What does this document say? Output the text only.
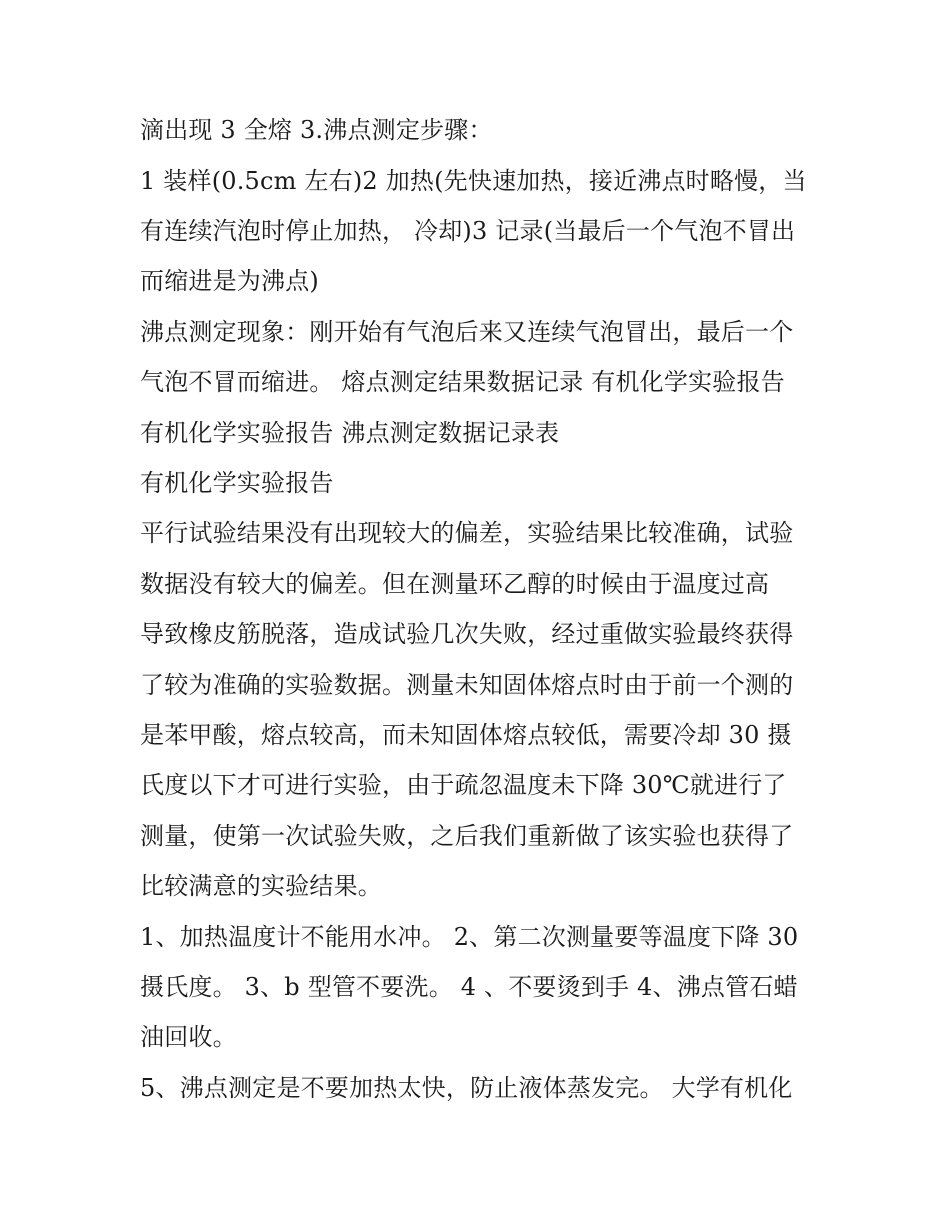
滴出现 3 全熔 3.沸点测定步骤：
1 装样(0.5cm 左右)2 加热(先快速加热，接近沸点时略慢，当
有连续汽泡时停止加热， 冷却)3 记录(当最后一个气泡不冒出
而缩进是为沸点)
沸点测定现象：刚开始有气泡后来又连续气泡冒出，最后一个
气泡不冒而缩进。 熔点测定结果数据记录 有机化学实验报告
有机化学实验报告 沸点测定数据记录表
有机化学实验报告
平行试验结果没有出现较大的偏差，实验结果比较准确，试验
数据没有较大的偏差。但在测量环乙醇的时候由于温度过高
导致橡皮筋脱落，造成试验几次失败，经过重做实验最终获得
了较为准确的实验数据。测量未知固体熔点时由于前一个测的
是苯甲酸，熔点较高，而未知固体熔点较低，需要冷却 30 摄
氏度以下才可进行实验，由于疏忽温度未下降 30℃就进行了
测量，使第一次试验失败，之后我们重新做了该实验也获得了
比较满意的实验结果。
1、加热温度计不能用水冲。 2、第二次测量要等温度下降 30
摄氏度。 3、b 型管不要洗。 4 、不要烫到手 4、沸点管石蜡
油回收。
5、沸点测定是不要加热太快，防止液体蒸发完。 大学有机化
